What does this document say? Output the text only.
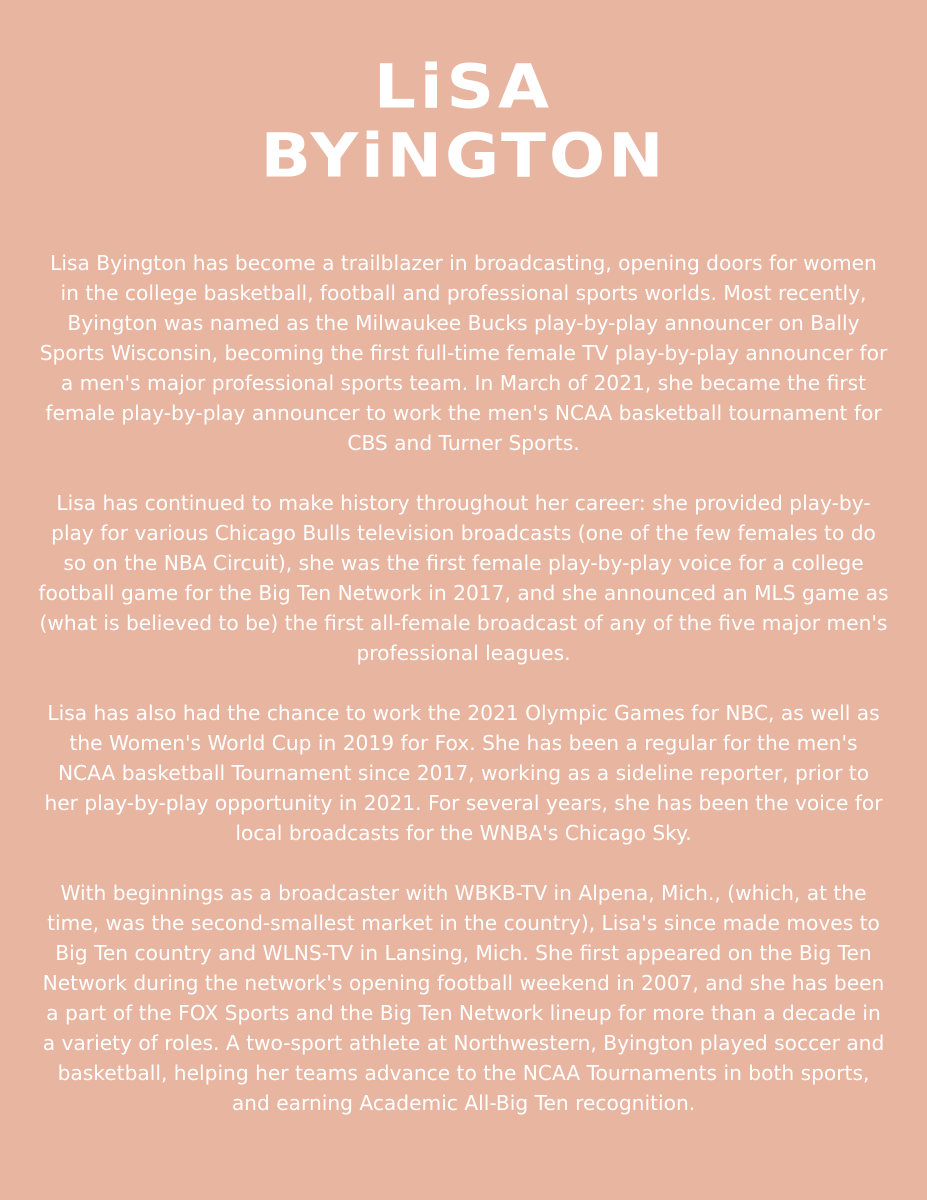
LiSA
BYiNGTON

Lisa Byington has become a trailblazer in broadcasting, opening doors for women in the college basketball, football and professional sports worlds. Most recently, Byington was named as the Milwaukee Bucks play-by-play announcer on Bally Sports Wisconsin, becoming the first full-time female TV play-by-play announcer for a men's major professional sports team. In March of 2021, she became the first female play-by-play announcer to work the men's NCAA basketball tournament for CBS and Turner Sports.

Lisa has continued to make history throughout her career: she provided play-by-play for various Chicago Bulls television broadcasts (one of the few females to do so on the NBA Circuit), she was the first female play-by-play voice for a college football game for the Big Ten Network in 2017, and she announced an MLS game as (what is believed to be) the first all-female broadcast of any of the five major men's professional leagues.

Lisa has also had the chance to work the 2021 Olympic Games for NBC, as well as the Women's World Cup in 2019 for Fox. She has been a regular for the men's NCAA basketball Tournament since 2017, working as a sideline reporter, prior to her play-by-play opportunity in 2021. For several years, she has been the voice for local broadcasts for the WNBA's Chicago Sky.

With beginnings as a broadcaster with WBKB-TV in Alpena, Mich., (which, at the time, was the second-smallest market in the country), Lisa's since made moves to Big Ten country and WLNS-TV in Lansing, Mich. She first appeared on the Big Ten Network during the network's opening football weekend in 2007, and she has been a part of the FOX Sports and the Big Ten Network lineup for more than a decade in a variety of roles. A two-sport athlete at Northwestern, Byington played soccer and basketball, helping her teams advance to the NCAA Tournaments in both sports, and earning Academic All-Big Ten recognition.
